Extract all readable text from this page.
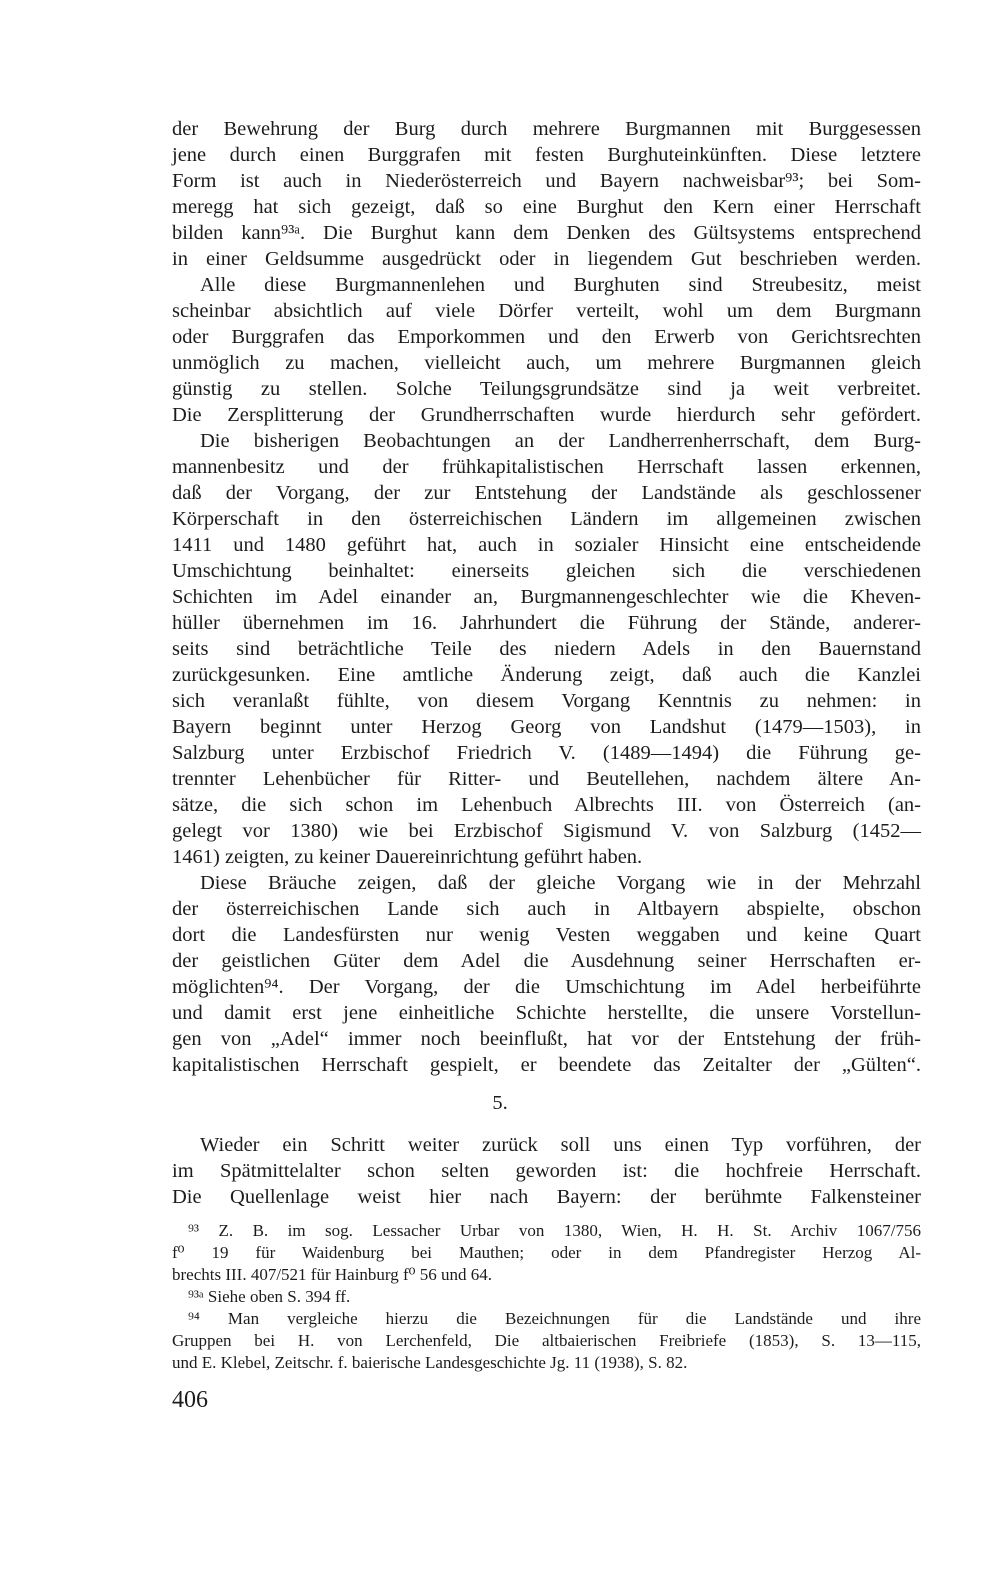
der Bewehrung der Burg durch mehrere Burgmannen mit Burggesessen
jene durch einen Burggrafen mit festen Burghuteinkünften. Diese letztere
Form ist auch in Niederösterreich und Bayern nachweisbar⁹³; bei Som-
meregg hat sich gezeigt, daß so eine Burghut den Kern einer Herrschaft
bilden kann⁹³ᵃ. Die Burghut kann dem Denken des Gültsystems entsprechend
in einer Geldsumme ausgedrückt oder in liegendem Gut beschrieben werden.
Alle diese Burgmannenlehen und Burghuten sind Streubesitz, meist
scheinbar absichtlich auf viele Dörfer verteilt, wohl um dem Burgmann
oder Burggrafen das Emporkommen und den Erwerb von Gerichtsrechten
unmöglich zu machen, vielleicht auch, um mehrere Burgmannen gleich
günstig zu stellen. Solche Teilungsgrundsätze sind ja weit verbreitet.
Die Zersplitterung der Grundherrschaften wurde hierdurch sehr gefördert.
Die bisherigen Beobachtungen an der Landherrenherrschaft, dem Burg-
mannenbesitz und der frühkapitalistischen Herrschaft lassen erkennen,
daß der Vorgang, der zur Entstehung der Landstände als geschlossener
Körperschaft in den österreichischen Ländern im allgemeinen zwischen
1411 und 1480 geführt hat, auch in sozialer Hinsicht eine entscheidende
Umschichtung beinhaltet: einerseits gleichen sich die verschiedenen
Schichten im Adel einander an, Burgmannengeschlechter wie die Kheven-
hüller übernehmen im 16. Jahrhundert die Führung der Stände, anderer-
seits sind beträchtliche Teile des niedern Adels in den Bauernstand
zurückgesunken. Eine amtliche Änderung zeigt, daß auch die Kanzlei
sich veranlaßt fühlte, von diesem Vorgang Kenntnis zu nehmen: in
Bayern beginnt unter Herzog Georg von Landshut (1479—1503), in
Salzburg unter Erzbischof Friedrich V. (1489—1494) die Führung ge-
trennter Lehenbücher für Ritter- und Beutellehen, nachdem ältere An-
sätze, die sich schon im Lehenbuch Albrechts III. von Österreich (an-
gelegt vor 1380) wie bei Erzbischof Sigismund V. von Salzburg (1452—
1461) zeigten, zu keiner Dauereinrichtung geführt haben.
Diese Bräuche zeigen, daß der gleiche Vorgang wie in der Mehrzahl
der österreichischen Lande sich auch in Altbayern abspielte, obschon
dort die Landesfürsten nur wenig Vesten weggaben und keine Quart
der geistlichen Güter dem Adel die Ausdehnung seiner Herrschaften er-
möglichten⁹⁴. Der Vorgang, der die Umschichtung im Adel herbeiführte
und damit erst jene einheitliche Schichte herstellte, die unsere Vorstellun-
gen von „Adel“ immer noch beeinflußt, hat vor der Entstehung der früh-
kapitalistischen Herrschaft gespielt, er beendete das Zeitalter der „Gülten“.
5.
Wieder ein Schritt weiter zurück soll uns einen Typ vorführen, der
im Spätmittelalter schon selten geworden ist: die hochfreie Herrschaft.
Die Quellenlage weist hier nach Bayern: der berühmte Falkensteiner
⁹³ Z. B. im sog. Lessacher Urbar von 1380, Wien, H. H. St. Archiv 1067/756
f⁰ 19 für Waidenburg bei Mauthen; oder in dem Pfandregister Herzog Al-
brechts III. 407/521 für Hainburg f⁰ 56 und 64.
⁹³ᵃ Siehe oben S. 394 ff.
⁹⁴ Man vergleiche hierzu die Bezeichnungen für die Landstände und ihre
Gruppen bei H. von Lerchenfeld, Die altbaierischen Freibriefe (1853), S. 13—115,
und E. Klebel, Zeitschr. f. baierische Landesgeschichte Jg. 11 (1938), S. 82.
406
